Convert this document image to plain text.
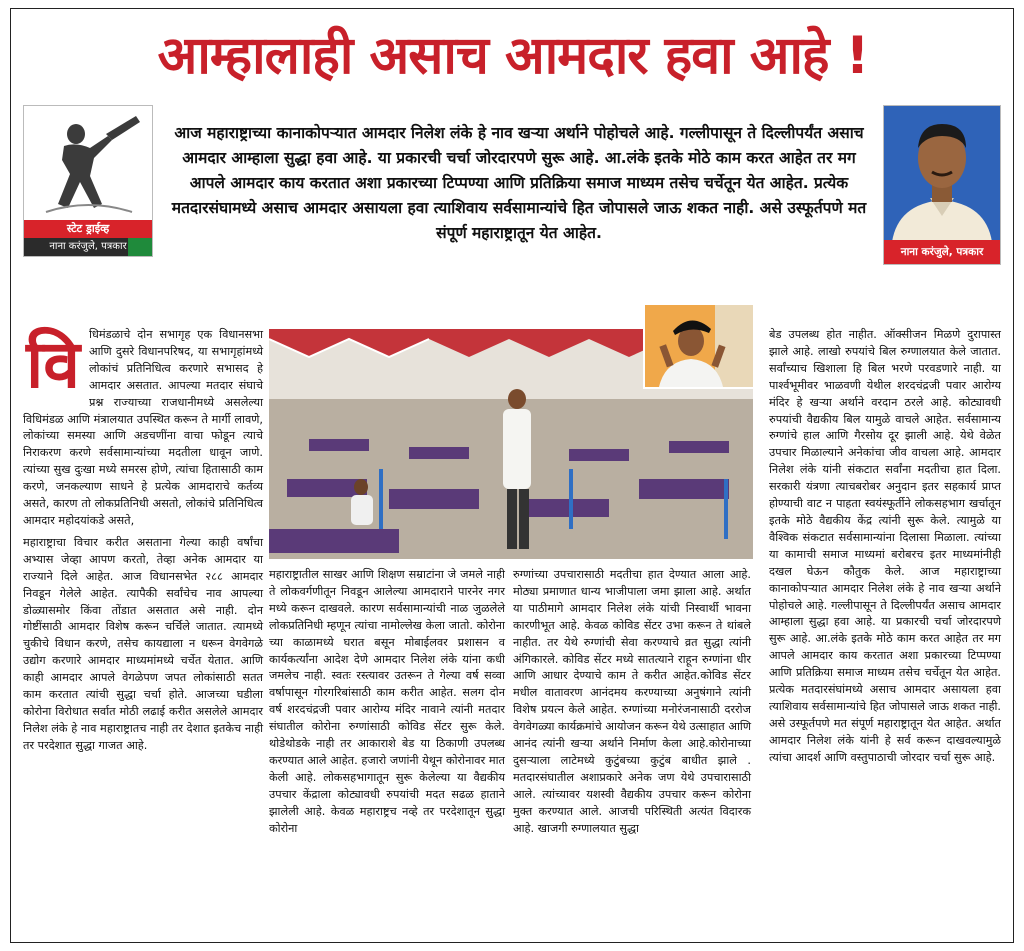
आम्हालाही असाच आमदार हवा आहे !
स्टेट ड्राईव्ह
नाना करंजुले, पत्रकार	नाना करंजुले, पत्रकार
आज महाराष्ट्राच्या कानाकोपऱ्यात आमदार निलेश लंके हे नाव खऱ्या अर्थाने पोहोचले आहे. गल्लीपासून ते दिल्लीपर्यंत असाच आमदार आम्हाला सुद्धा हवा आहे. या प्रकारची चर्चा जोरदारपणे सुरू आहे. आ.लंके इतके मोठे काम करत आहेत तर मग आपले आमदार काय करतात अशा प्रकारच्या टिप्पण्या आणि प्रतिक्रिया समाज माध्यम तसेच चर्चेतून येत आहेत. प्रत्येक मतदारसंघामध्ये असाच आमदार असायला हवा त्याशिवाय सर्वसामान्यांचे हित जोपासले जाऊ शकत नाही. असे उस्फूर्तपणे मत संपूर्ण महाराष्ट्रातून येत आहेत.
वि धिमंडळाचे दोन सभागृह एक विधानसभा आणि दुसरे विधानपरिषद, या सभागृहांमध्ये लोकांचं प्रतिनिधित्व करणारे सभासद हे आमदार असतात. आपल्या मतदार संघाचे प्रश्न राज्याच्या राजधानीमध्ये असलेल्या विधिमंडळ आणि मंत्रालयात उपस्थित करून ते मार्गी लावणे, लोकांच्या समस्या आणि अडचणींना वाचा फोडून त्याचे निराकरण करणे सर्वसामान्यांच्या मदतीला धावून जाणे. त्यांच्या सुख दुःखा मध्ये समरस होणे, त्यांचा हितासाठी काम करणे, जनकल्याण साधने हे प्रत्येक आमदाराचे कर्तव्य असते, कारण तो लोकप्रतिनिधी असतो, लोकांचे प्रतिनिधित्व आमदार महोदयांकडे असते,

महाराष्ट्राचा विचार करीत असताना गेल्या काही वर्षांचा अभ्यास जेव्हा आपण करतो, तेव्हा अनेक आमदार या राज्याने दिले आहेत. आज विधानसभेत २८८ आमदार निवडून गेलेले आहेत. त्यापैकी सर्वांचेच नाव आपल्या डोळ्यासमोर किंवा तोंडात असतात असे नाही. दोन गोष्टींसाठी आमदार विशेष करून चर्चिले जातात. त्यामध्ये चुकीचे विधान करणे, तसेच कायद्याला न धरून वेगवेगळे उद्योग करणारे आमदार माध्यमांमध्ये चर्चेत येतात. आणि काही आमदार आपले वेगळेपण जपत लोकांसाठी सतत काम करतात त्यांची सुद्धा चर्चा होते. आजच्या घडीला कोरोना विरोधात सर्वात मोठी लढाई करीत असलेले आमदार निलेश लंके हे नाव महाराष्ट्रातच नाही तर देशात इतकेच नाही तर परदेशात सुद्धा गाजत आहे.

महाराष्ट्रातील साखर आणि शिक्षण सम्राटांना जे जमले नाही ते लोकवर्गणीतून निवडून आलेल्या आमदाराने पारनेर नगर मध्ये करून दाखवले. कारण सर्वसामान्यांची नाळ जुळलेले लोकप्रतिनिधी म्हणून त्यांचा नामोल्लेख केला जातो. कोरोना च्या काळामध्ये घरात बसून मोबाईलवर प्रशासन व कार्यकर्त्यांना आदेश देणे आमदार निलेश लंके यांना कधी जमलेच नाही. स्वतः रस्त्यावर उतरून ते गेल्या वर्ष सव्वा वर्षापासून गोरगरिबांसाठी काम करीत आहेत. सलग दोन वर्ष शरदचंद्रजी पवार आरोग्य मंदिर नावाने त्यांनी मतदार संघातील कोरोना रुग्णांसाठी कोविड सेंटर सुरू केले. थोडेथोडके नाही तर आकाराशे बेड या ठिकाणी उपलब्ध करण्यात आले आहेत. हजारो जणांनी येथून कोरोनावर मात केली आहे. लोकसहभागातून सुरू केलेल्या या वैद्यकीय उपचार केंद्राला कोट्यावधी रुपयांची मदत सढळ हाताने झालेली आहे. केवळ महाराष्ट्रच नव्हे तर परदेशातून सुद्धा कोरोना

रुग्णांच्या उपचारासाठी मदतीचा हात देण्यात आला आहे. मोठ्या प्रमाणात धान्य भाजीपाला जमा झाला आहे. अर्थात या पाठीमागे आमदार निलेश लंके यांची निस्वार्थी भावना कारणीभूत आहे. केवळ कोविड सेंटर उभा करून ते थांबले नाहीत. तर येथे रुग्णांची सेवा करण्याचे व्रत सुद्धा त्यांनी अंगिकारले. कोविड सेंटर मध्ये सातत्याने राहून रुग्णांना धीर आणि आधार देण्याचे काम ते करीत आहेत.कोविड सेंटर मधील वातावरण आनंदमय करण्याच्या अनुषंगाने त्यांनी विशेष प्रयत्न केले आहेत. रुग्णांच्या मनोरंजनासाठी दररोज वेगवेगळ्या कार्यक्रमांचे आयोजन करून येथे उत्साहात आणि आनंद त्यांनी खऱ्या अर्थाने निर्माण केला आहे.कोरोनाच्या दुसऱ्याला लाटेमध्ये कुटुंबच्या कुटुंब बाधीत झाले . मतदारसंघातील अशाप्रकारे अनेक जण येथे उपचारासाठी आले. त्यांच्यावर यशस्वी वैद्यकीय उपचार करून कोरोना मुक्त करण्यात आले. आजची परिस्थिती अत्यंत विदारक आहे. खाजगी रुग्णालयात सुद्धा

बेड उपलब्ध होत नाहीत. ऑक्सीजन मिळणे दुरापास्त झाले आहे. लाखो रुपयांचे बिल रुग्णालयात केले जातात. सर्वांच्याच खिशाला हि बिल भरणे परवडणारे नाही. या पार्श्वभूमीवर भाळवणी येथील शरदचंद्रजी पवार आरोग्य मंदिर हे खऱ्या अर्थाने वरदान ठरले आहे. कोट्यावधी रुपयांची वैद्यकीय बिल यामुळे वाचले आहेत. सर्वसामान्य रुग्णांचे हाल आणि गैरसोय दूर झाली आहे. येथे वेळेत उपचार मिळाल्याने अनेकांचा जीव वाचला आहे. आमदार निलेश लंके यांनी संकटात सर्वांना मदतीचा हात दिला. सरकारी यंत्रणा त्याचबरोबर अनुदान इतर सहकार्य प्राप्त होण्याची वाट न पाहता स्वयंस्फूर्तीने लोकसहभाग खर्चातून इतके मोठे वैद्यकीय केंद्र त्यांनी सुरू केले. त्यामुळे या वैश्विक संकटात सर्वसामान्यांना दिलासा मिळाला. त्यांच्या या कामाची समाज माध्यमां बरोबरच इतर माध्यमांनीही दखल घेऊन कौतुक केले. आज महाराष्ट्राच्या कानाकोपऱ्यात आमदार निलेश लंके हे नाव खऱ्या अर्थाने पोहोचले आहे. गल्लीपासून ते दिल्लीपर्यंत असाच आमदार आम्हाला सुद्धा हवा आहे. या प्रकारची चर्चा जोरदारपणे सुरू आहे. आ.लंके इतके मोठे काम करत आहेत तर मग आपले आमदार काय करतात अशा प्रकारच्या टिप्पण्या आणि प्रतिक्रिया समाज माध्यम तसेच चर्चेतून येत आहेत. प्रत्येक मतदारसंघांमध्ये असाच आमदार असायला हवा त्याशिवाय सर्वसामान्यांचे हित जोपासले जाऊ शकत नाही. असे उस्फूर्तपणे मत संपूर्ण महाराष्ट्रातून येत आहेत. अर्थात आमदार निलेश लंके यांनी हे सर्व करून दाखवल्यामुळे त्यांचा आदर्श आणि वस्तुपाठाची जोरदार चर्चा सुरू आहे.
